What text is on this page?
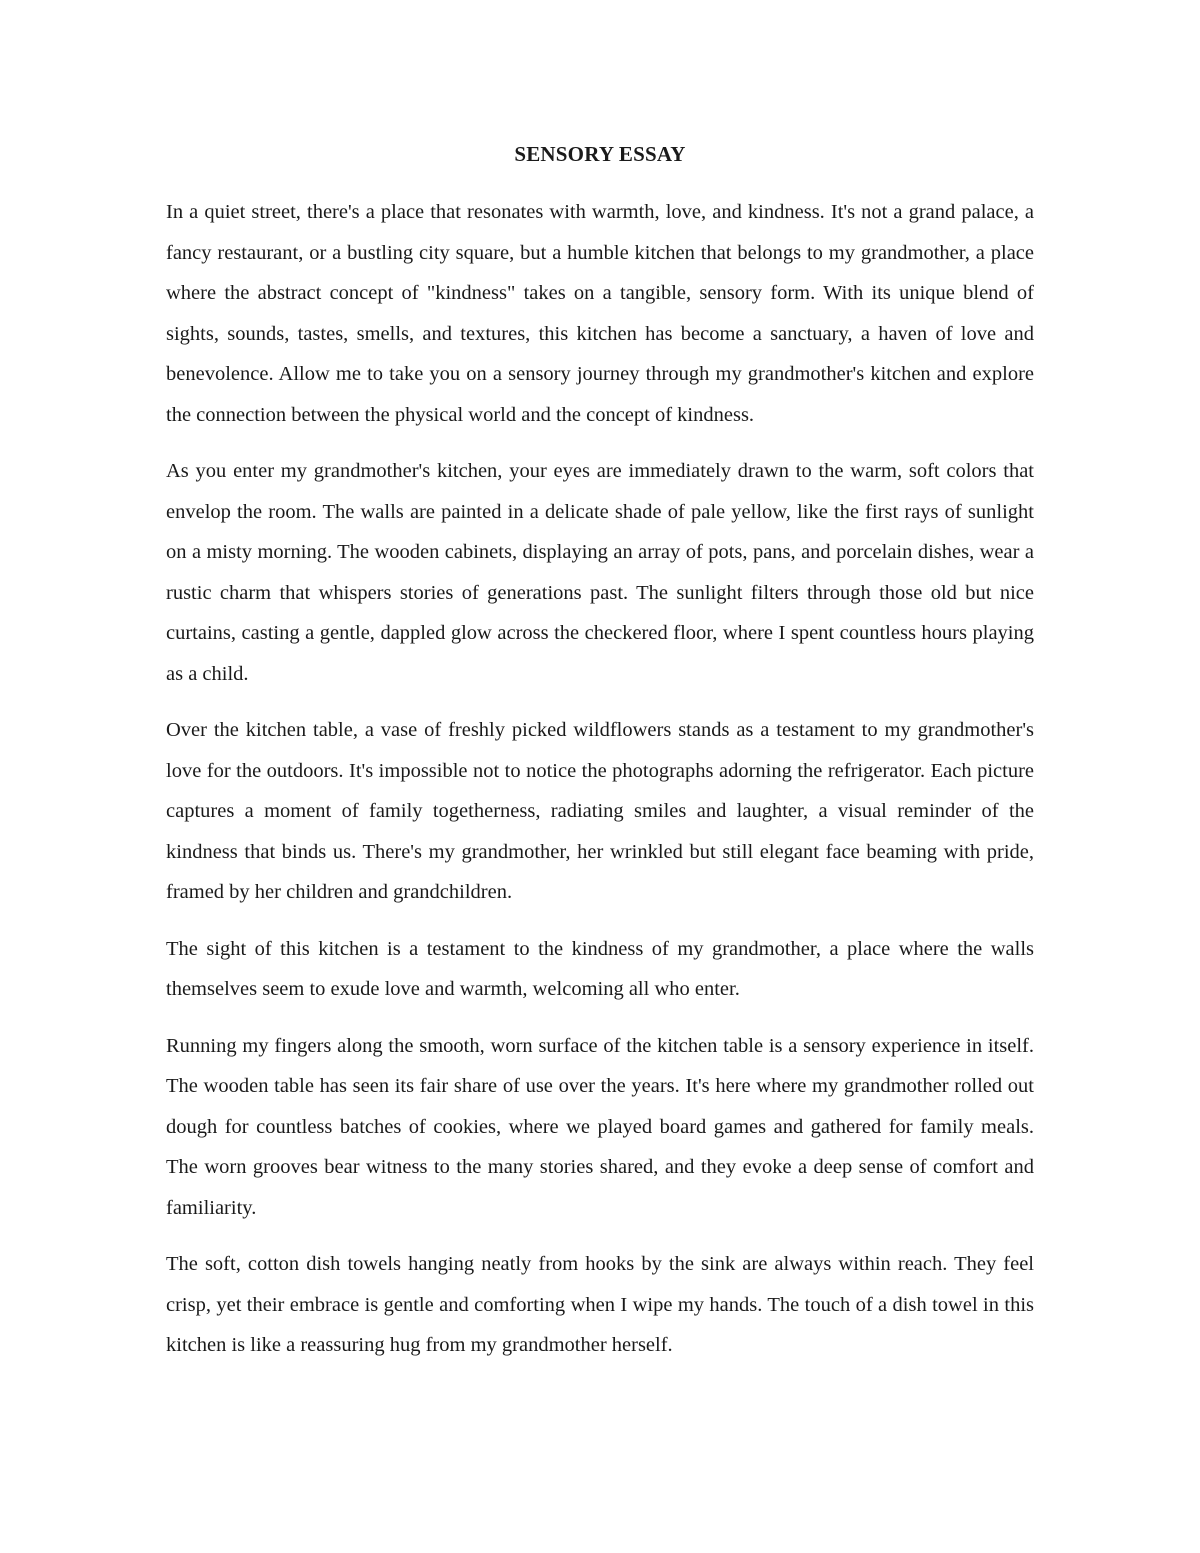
SENSORY ESSAY

In a quiet street, there's a place that resonates with warmth, love, and kindness. It's not a grand palace, a fancy restaurant, or a bustling city square, but a humble kitchen that belongs to my grandmother, a place where the abstract concept of "kindness" takes on a tangible, sensory form. With its unique blend of sights, sounds, tastes, smells, and textures, this kitchen has become a sanctuary, a haven of love and benevolence. Allow me to take you on a sensory journey through my grandmother's kitchen and explore the connection between the physical world and the concept of kindness.

As you enter my grandmother's kitchen, your eyes are immediately drawn to the warm, soft colors that envelop the room. The walls are painted in a delicate shade of pale yellow, like the first rays of sunlight on a misty morning. The wooden cabinets, displaying an array of pots, pans, and porcelain dishes, wear a rustic charm that whispers stories of generations past. The sunlight filters through those old but nice curtains, casting a gentle, dappled glow across the checkered floor, where I spent countless hours playing as a child.

Over the kitchen table, a vase of freshly picked wildflowers stands as a testament to my grandmother's love for the outdoors. It's impossible not to notice the photographs adorning the refrigerator. Each picture captures a moment of family togetherness, radiating smiles and laughter, a visual reminder of the kindness that binds us. There's my grandmother, her wrinkled but still elegant face beaming with pride, framed by her children and grandchildren.

The sight of this kitchen is a testament to the kindness of my grandmother, a place where the walls themselves seem to exude love and warmth, welcoming all who enter.

Running my fingers along the smooth, worn surface of the kitchen table is a sensory experience in itself. The wooden table has seen its fair share of use over the years. It's here where my grandmother rolled out dough for countless batches of cookies, where we played board games and gathered for family meals. The worn grooves bear witness to the many stories shared, and they evoke a deep sense of comfort and familiarity.

The soft, cotton dish towels hanging neatly from hooks by the sink are always within reach. They feel crisp, yet their embrace is gentle and comforting when I wipe my hands. The touch of a dish towel in this kitchen is like a reassuring hug from my grandmother herself.
